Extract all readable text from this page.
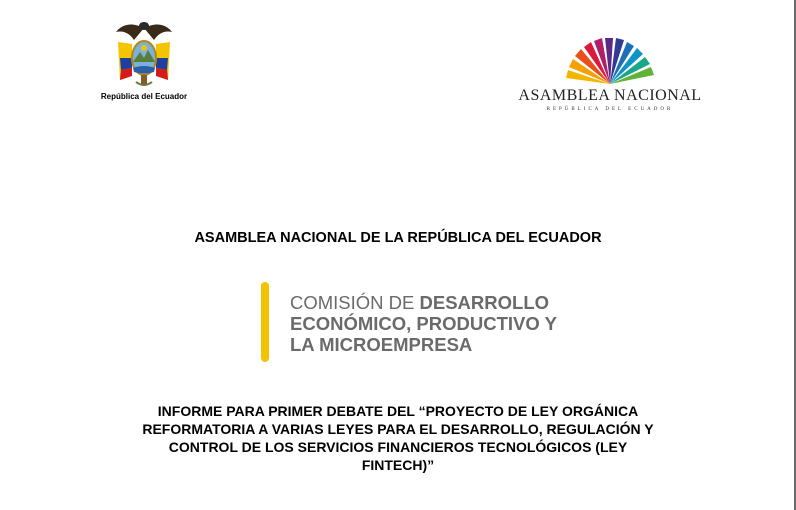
República del Ecuador	ASAMBLEA NACIONAL
REPÚBLICA DEL ECUADOR
ASAMBLEA NACIONAL DE LA REPÚBLICA DEL ECUADOR
COMISIÓN DE DESARROLLO
ECONÓMICO, PRODUCTIVO Y
LA MICROEMPRESA
INFORME PARA PRIMER DEBATE DEL “PROYECTO DE LEY ORGÁNICA
REFORMATORIA A VARIAS LEYES PARA EL DESARROLLO, REGULACIÓN Y
CONTROL DE LOS SERVICIOS FINANCIEROS TECNOLÓGICOS (LEY
FINTECH)”
